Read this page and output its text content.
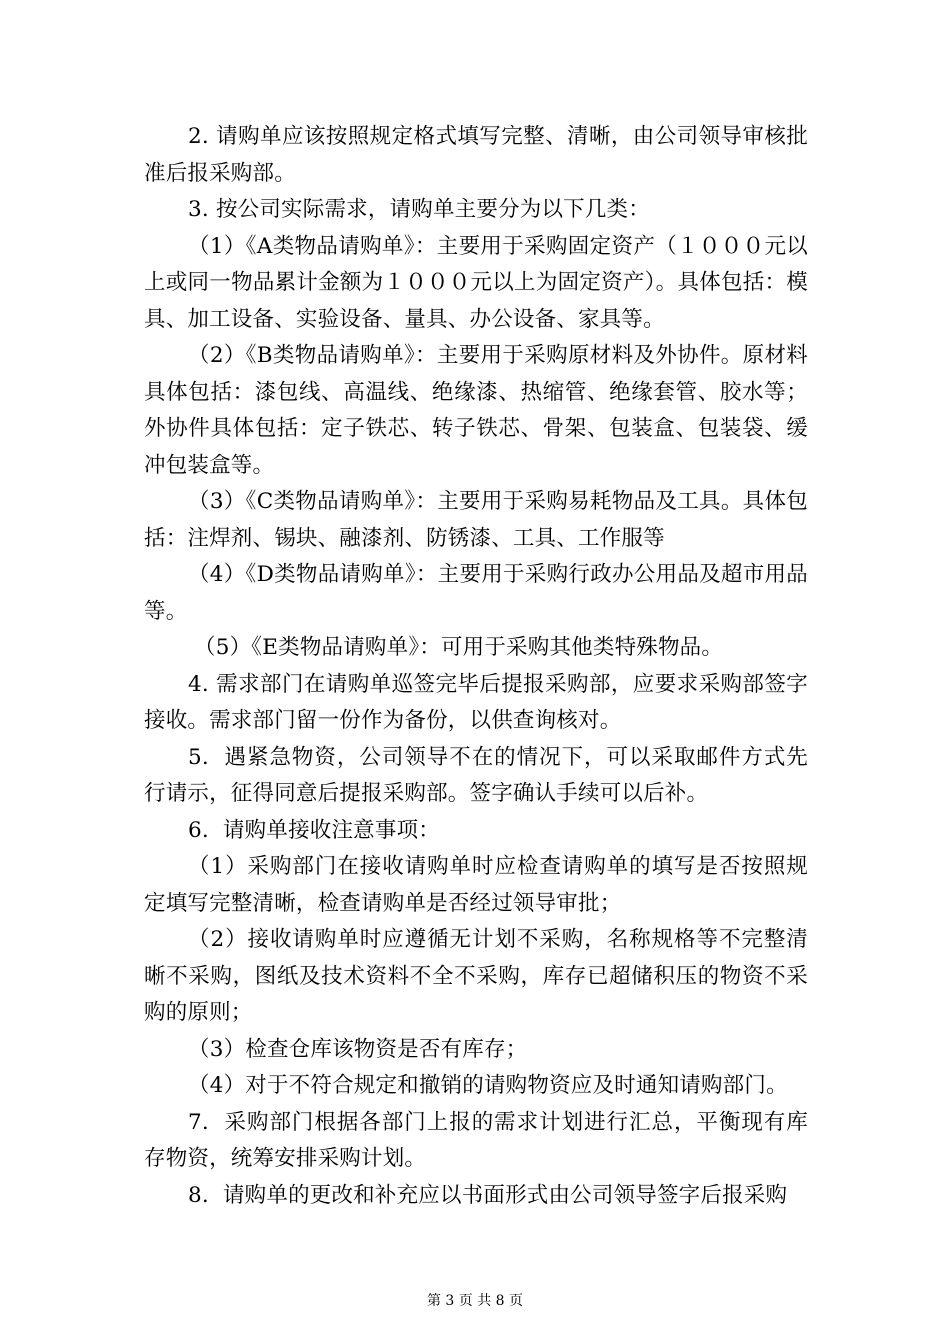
2. 请购单应该按照规定格式填写完整、清晰，由公司领导审核批准后报采购部。

3. 按公司实际需求，请购单主要分为以下几类：

（1）《A类物品请购单》：主要用于采购固定资产（１０００元以上或同一物品累计金额为１０００元以上为固定资产）。具体包括：模具、加工设备、实验设备、量具、办公设备、家具等。

（2）《B类物品请购单》：主要用于采购原材料及外协件。原材料具体包括：漆包线、高温线、绝缘漆、热缩管、绝缘套管、胶水等；外协件具体包括：定子铁芯、转子铁芯、骨架、包装盒、包装袋、缓冲包装盒等。

（3）《C类物品请购单》：主要用于采购易耗物品及工具。具体包括：注焊剂、锡块、融漆剂、防锈漆、工具、工作服等

（4）《D类物品请购单》：主要用于采购行政办公用品及超市用品等。

（5）《E类物品请购单》：可用于采购其他类特殊物品。

4. 需求部门在请购单巡签完毕后提报采购部，应要求采购部签字接收。需求部门留一份作为备份，以供查询核对。

5.  遇紧急物资，公司领导不在的情况下，可以采取邮件方式先行请示，征得同意后提报采购部。签字确认手续可以后补。

6.  请购单接收注意事项：

（1）采购部门在接收请购单时应检查请购单的填写是否按照规定填写完整清晰，检查请购单是否经过领导审批；

（2）接收请购单时应遵循无计划不采购，名称规格等不完整清晰不采购，图纸及技术资料不全不采购，库存已超储积压的物资不采购的原则；

（3）检查仓库该物资是否有库存；

（4）对于不符合规定和撤销的请购物资应及时通知请购部门。

7.  采购部门根据各部门上报的需求计划进行汇总，平衡现有库存物资，统筹安排采购计划。

8.  请购单的更改和补充应以书面形式由公司领导签字后报采购

第 3 页 共 8 页
